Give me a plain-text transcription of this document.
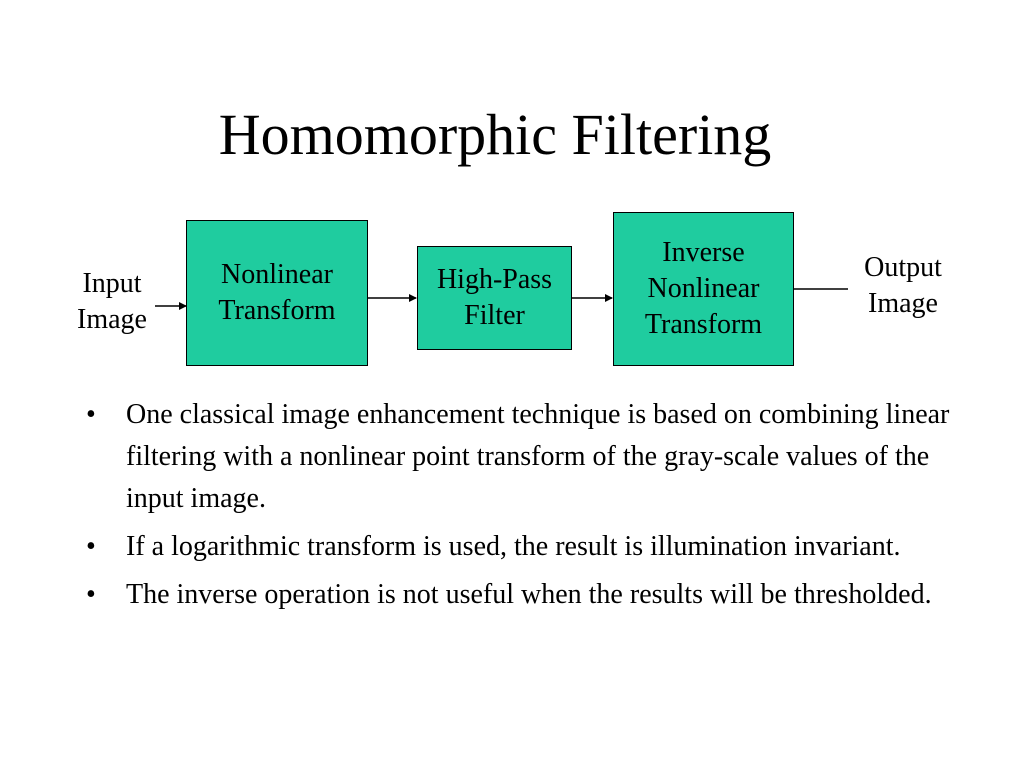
Homomorphic Filtering
Input
Image
Nonlinear
Transform
High-Pass
Filter
Inverse
Nonlinear
Transform
Output
Image
• One classical image enhancement technique is based on combining linear filtering with a nonlinear point transform of the gray-scale values of the input image.
• If a logarithmic transform is used, the result is illumination invariant.
• The inverse operation is not useful when the results will be thresholded.
